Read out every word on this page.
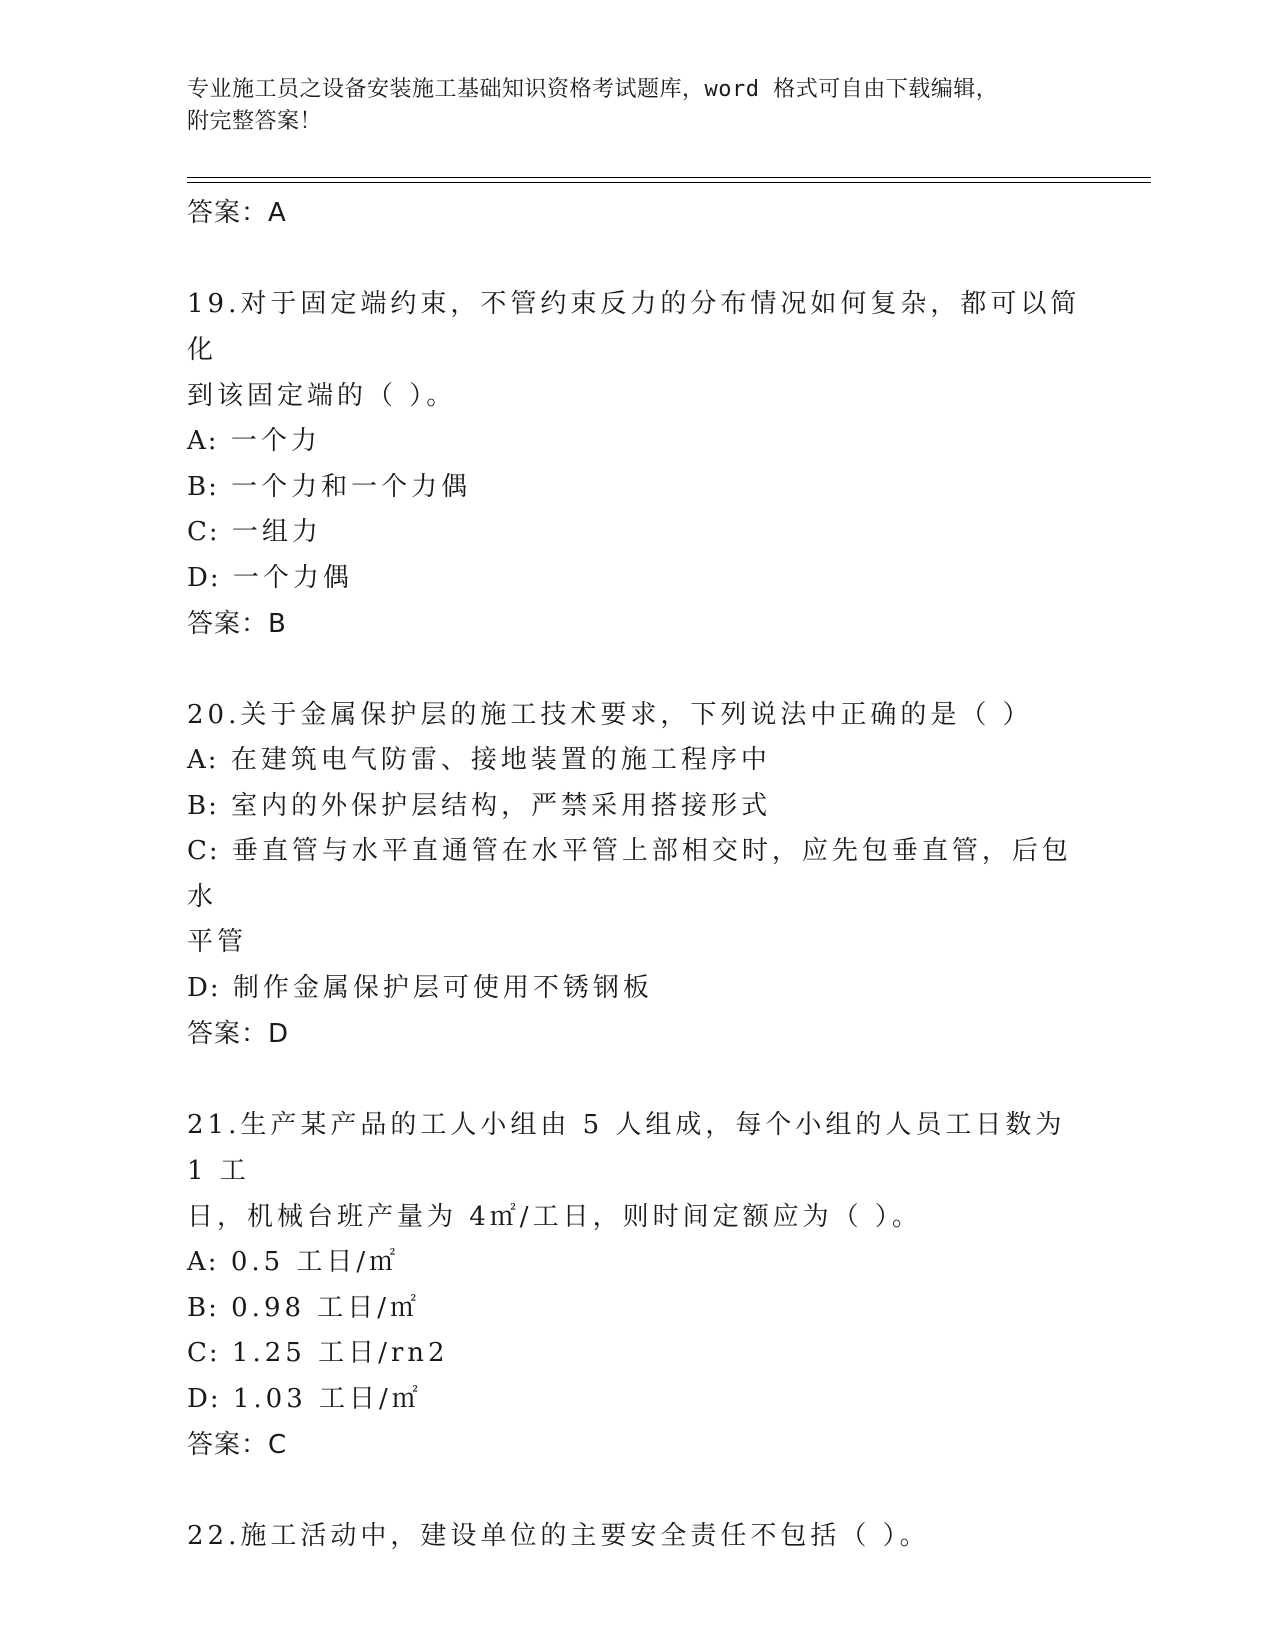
专业施工员之设备安装施工基础知识资格考试题库，word 格式可自由下载编辑，
附完整答案！
答案：A
19.对于固定端约束，不管约束反力的分布情况如何复杂，都可以简化
到该固定端的（ ）。
A: 一个力
B: 一个力和一个力偶
C: 一组力
D: 一个力偶
答案：B
20.关于金属保护层的施工技术要求，下列说法中正确的是（ ）
A: 在建筑电气防雷、接地装置的施工程序中
B: 室内的外保护层结构，严禁采用搭接形式
C: 垂直管与水平直通管在水平管上部相交时，应先包垂直管，后包水
平管
D: 制作金属保护层可使用不锈钢板
答案：D
21.生产某产品的工人小组由 5 人组成，每个小组的人员工日数为 1 工
日，机械台班产量为 4㎡/工日，则时间定额应为（ ）。
A: 0.5 工日/㎡
B: 0.98 工日/㎡
C: 1.25 工日/rn2
D: 1.03 工日/㎡
答案：C
22.施工活动中，建设单位的主要安全责任不包括（ ）。
